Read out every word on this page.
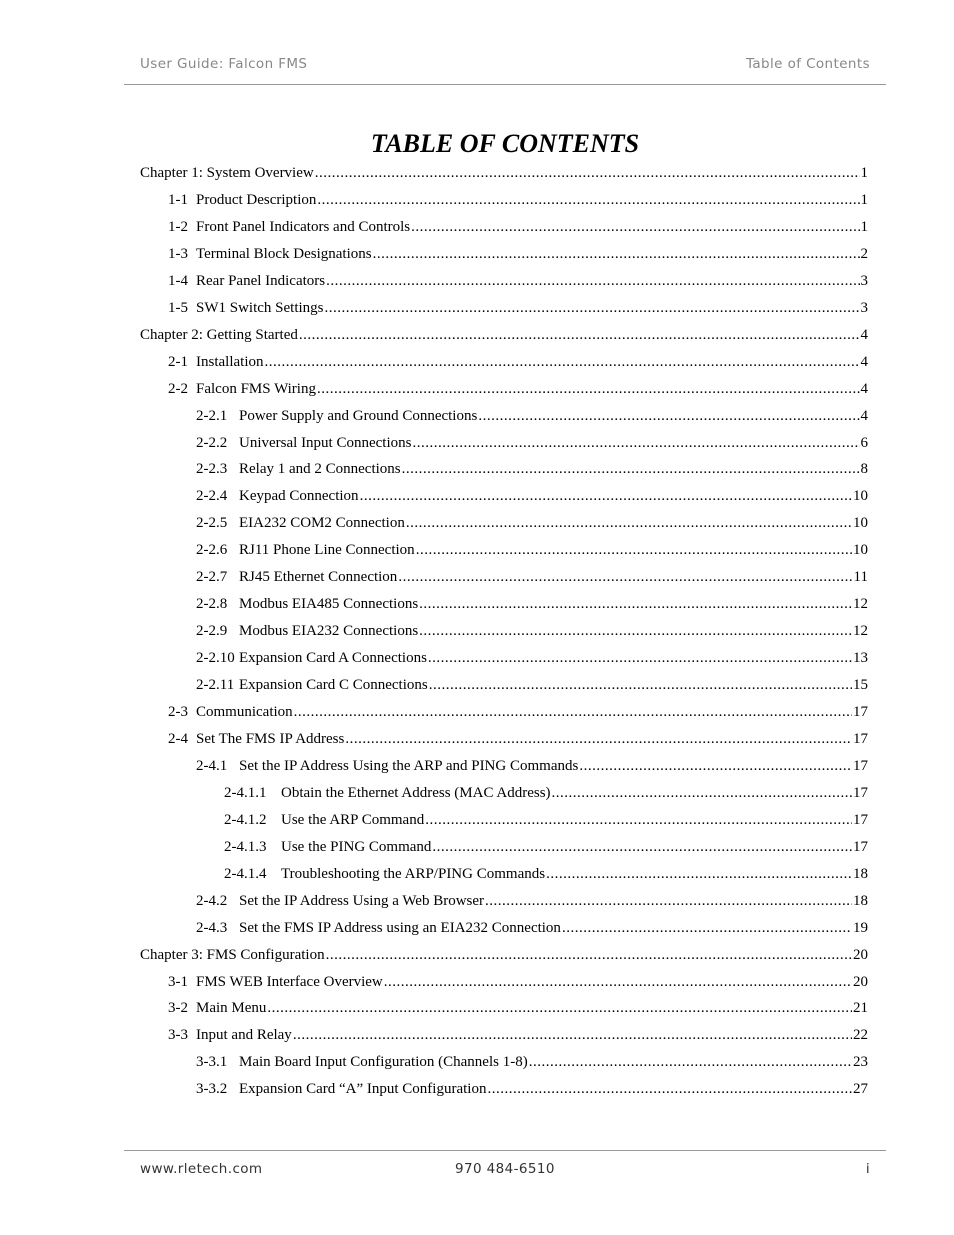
User Guide: Falcon FMS	Table of Contents
TABLE OF CONTENTS
Chapter 1: System Overview .....	1
1-1 Product Description .....	1
1-2 Front Panel Indicators and Controls .....	1
1-3 Terminal Block Designations .....	2
1-4 Rear Panel Indicators .....	3
1-5 SW1 Switch Settings .....	3
Chapter 2: Getting Started .....	4
2-1 Installation .....	4
2-2 Falcon FMS Wiring .....	4
2-2.1 Power Supply and Ground Connections .....	4
2-2.2 Universal Input Connections .....	6
2-2.3 Relay 1 and 2 Connections .....	8
2-2.4 Keypad Connection .....	10
2-2.5 EIA232 COM2 Connection .....	10
2-2.6 RJ11 Phone Line Connection .....	10
2-2.7 RJ45 Ethernet Connection .....	11
2-2.8 Modbus EIA485 Connections .....	12
2-2.9 Modbus EIA232 Connections .....	12
2-2.10 Expansion Card A Connections .....	13
2-2.11 Expansion Card C Connections .....	15
2-3 Communication .....	17
2-4 Set The FMS IP Address .....	17
2-4.1 Set the IP Address Using the ARP and PING Commands .....	17
2-4.1.1 Obtain the Ethernet Address (MAC Address) .....	17
2-4.1.2 Use the ARP Command .....	17
2-4.1.3 Use the PING Command .....	17
2-4.1.4 Troubleshooting the ARP/PING Commands .....	18
2-4.2 Set the IP Address Using a Web Browser .....	18
2-4.3 Set the FMS IP Address using an EIA232 Connection .....	19
Chapter 3: FMS Configuration .....	20
3-1 FMS WEB Interface Overview .....	20
3-2 Main Menu .....	21
3-3 Input and Relay .....	22
3-3.1 Main Board Input Configuration (Channels 1-8) .....	23
3-3.2 Expansion Card “A” Input Configuration .....	27
www.rletech.com	970 484-6510	i
